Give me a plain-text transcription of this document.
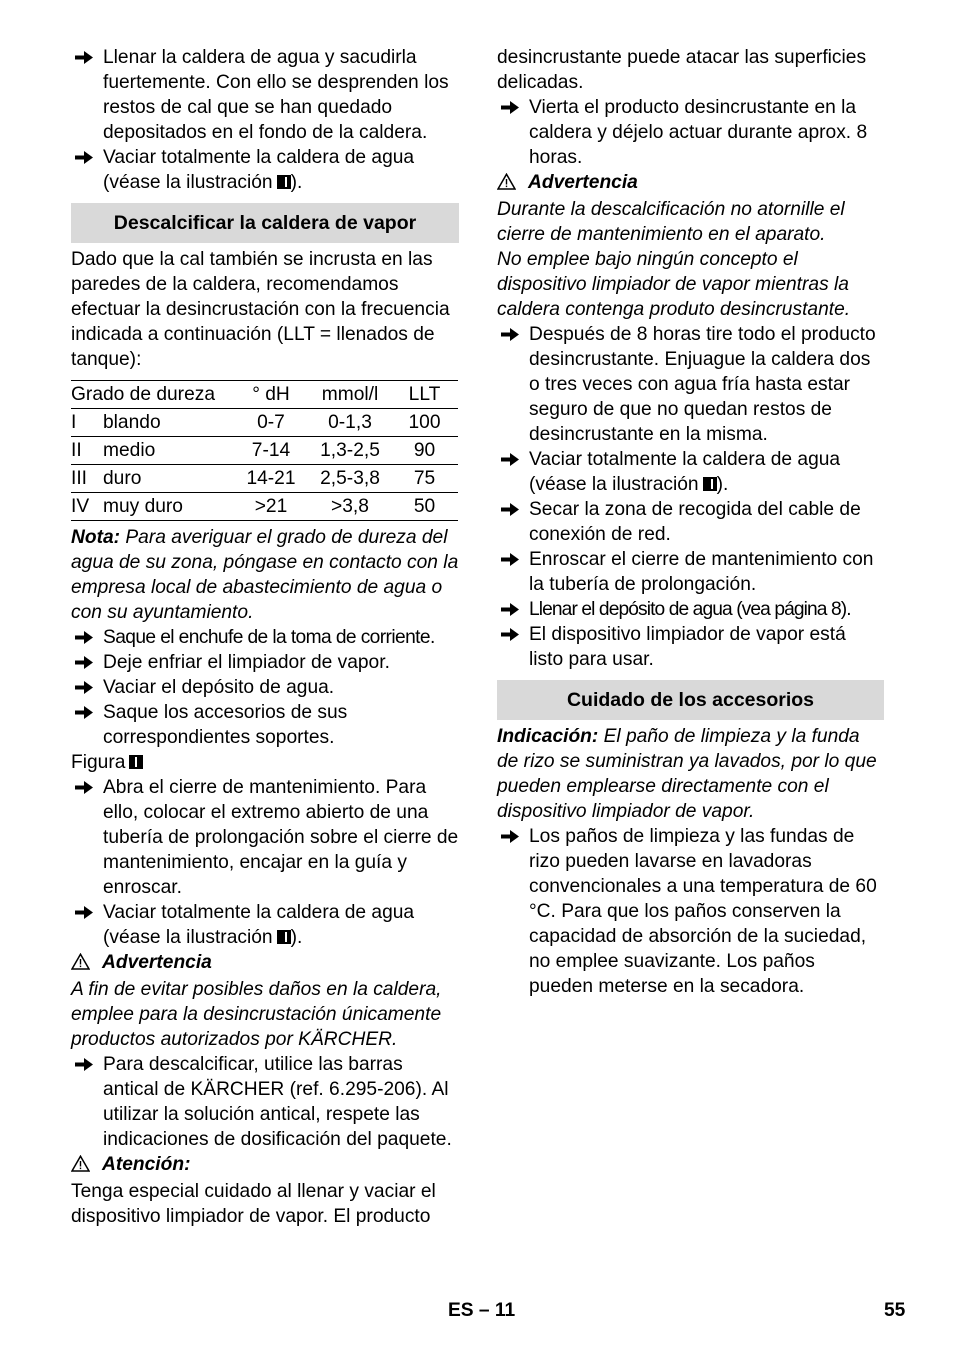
Llenar la caldera de agua y sacudirla fuertemente. Con ello se desprenden los restos de cal que se han quedado depositados en el fondo de la caldera.

Vaciar totalmente la caldera de agua (véase la ilustración ).

Descalcificar la caldera de vapor

Dado que la cal también se incrusta en las paredes de la caldera, recomendamos efectuar la desincrustación con la frecuencia indicada a continuación (LLT = llenados de tanque):

Grado de dureza		° dH	mmol/l	LLT
I	blando	0-7	0-1,3	100
II	medio	7-14	1,3-2,5	90
III	duro	14-21	2,5-3,8	75
IV	muy duro	>21	>3,8	50

Nota: Para averiguar el grado de dureza del agua de su zona, póngase en contacto con la empresa local de abastecimiento de agua o con su ayuntamiento.

Saque el enchufe de la toma de corriente.

Deje enfriar el limpiador de vapor.

Vaciar el depósito de agua.

Saque los accesorios de sus correspondientes soportes.

Figura

Abra el cierre de mantenimiento. Para ello, colocar el extremo abierto de una tubería de prolongación sobre el cierre de mantenimiento, encajar en la guía y enroscar.

Vaciar totalmente la caldera de agua (véase la ilustración ).

Advertencia

A fin de evitar posibles daños en la caldera, emplee para la desincrustación únicamente productos autorizados por KÄRCHER.

Para descalcificar, utilice las barras antical de KÄRCHER (ref. 6.295-206). Al utilizar la solución antical, respete las indicaciones de dosificación del paquete.

Atención:

Tenga especial cuidado al llenar y vaciar el dispositivo limpiador de vapor. El producto

desincrustante puede atacar las superficies delicadas.

Vierta el producto desincrustante en la caldera y déjelo actuar durante aprox. 8 horas.

Advertencia

Durante la descalcificación no atornille el cierre de mantenimiento en el aparato.

No emplee bajo ningún concepto el dispositivo limpiador de vapor mientras la caldera contenga produto desincrustante.

Después de 8 horas tire todo el producto desincrustante. Enjuague la caldera dos o tres veces con agua fría hasta estar seguro de que no quedan restos de desincrustante en la misma.

Vaciar totalmente la caldera de agua (véase la ilustración ).

Secar la zona de recogida del cable de conexión de red.

Enroscar el cierre de mantenimiento con la tubería de prolongación.

Llenar el depósito de agua (vea página 8).

El dispositivo limpiador de vapor está listo para usar.

Cuidado de los accesorios

Indicación: El paño de limpieza y la funda de rizo se suministran ya lavados, por lo que pueden emplearse directamente con el dispositivo limpiador de vapor.

Los paños de limpieza y las fundas de rizo pueden lavarse en lavadoras convencionales a una temperatura de 60 °C. Para que los paños conserven la capacidad de absorción de la suciedad, no emplee suavizante. Los paños pueden meterse en la secadora.

ES – 11	55
